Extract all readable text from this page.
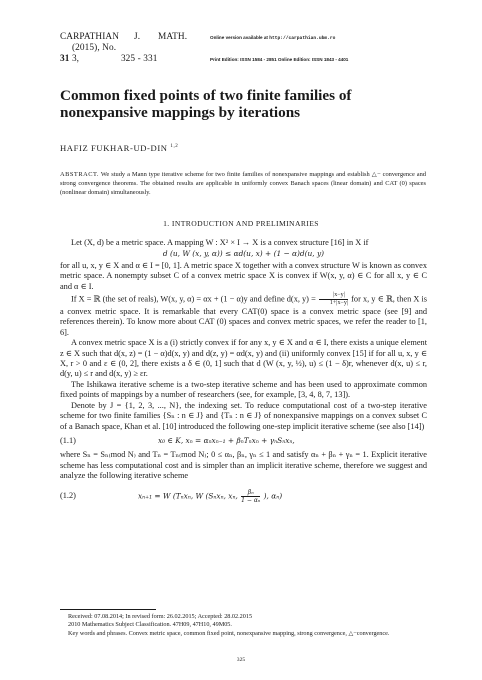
CARPATHIAN J. MATH.	Online version available at http://carpathian.ubm.ro
31 (2015), No. 3,	325 - 331	Print Edition: ISSN 1584 - 2851 Online Edition: ISSN 1843 - 4401
Common fixed points of two finite families of
nonexpansive mappings by iterations
HAFIZ FUKHAR-UD-DIN $^{1,2}$
ABSTRACT. We study a Mann type iterative scheme for two finite families of nonexpansive mappings and establish △− convergence and strong convergence theorems. The obtained results are applicable in uniformly convex Banach spaces (linear domain) and CAT (0) spaces (nonlinear domain) simultaneously.
1. INTRODUCTION AND PRELIMINARIES

Let (X, d) be a metric space. A mapping W : X² × I → X is a convex structure [16] in X if

d (u, W (x, y, α)) ≤ αd(u, x) + (1 − α)d(u, y)

for all u, x, y ∈ X and α ∈ I = [0, 1]. A metric space X together with a convex structure W is known as convex metric space. A nonempty subset C of a convex metric space X is convex if W(x, y, α) ∈ C for all x, y ∈ C and α ∈ I.

If X = ℝ (the set of reals), W(x, y, α) = αx + (1 − α)y and define d(x, $y) = \frac{|x-y|}{1+|x-y|}$ for x, y ∈ ℝ, then X is a convex metric space. It is remarkable that every CAT(0) space is a convex metric space (see [9] and references therein). To know more about CAT (0) spaces and convex metric spaces, we refer the reader to [1, 6].

A convex metric space X is a (i) strictly convex if for any x, y ∈ X and α ∈ I, there exists a unique element z ∈ X such that d(x, z) = (1 − α)d(x, y) and d(z, y) = αd(x, y) and (ii) uniformly convex [15] if for all u, x, y ∈ X, r > 0 and ε ∈ (0, 2], there exists a δ ∈ (0, 1] such that d (W (x, y, ½), u) ≤ (1 − δ)r, whenever d(x, u) ≤ r, d(y, u) ≤ r and d(x, y) ≥ εr.

The Ishikawa iterative scheme is a two-step iterative scheme and has been used to approximate common fixed points of mappings by a number of researchers (see, for example, [3, 4, 8, 7, 13]).

Denote by J = {1, 2, 3, ..., N}, the indexing set. To reduce computational cost of a two-step iterative scheme for two finite families {Sₙ : n ∈ J} and {Tₙ : n ∈ J} of nonexpansive mappings on a convex subset C of a Banach space, Khan et al. [10] introduced the following one-step implicit iterative scheme (see also [14])

(1.1)	x₀ ∈ K, xₙ = αₙxₙ₋₁ + βₙTₙxₙ + γₙSₙxₙ,

where Sₙ = Sₙ₍mod N₎ and Tₙ = Tₙ₍mod N₎; 0 ≤ αₙ, βₙ, γₙ ≤ 1 and satisfy αₙ + βₙ + γₙ = 1. Explicit iterative scheme has less computational cost and is simpler than an implicit iterative scheme, therefore we suggest and analyze the following iterative scheme

(1.2)	xₙ₊₁ = W (Tₙxₙ, W (Sₙxₙ, xₙ, $\frac{\text{βₙ}}{\text{1 − αₙ}}$ ), αₙ)

Received: 07.08.2014; In revised form: 26.02.2015; Accepted: 28.02.2015

2010 Mathematics Subject Classification. 47H09, 47H10, 49M05.

Key words and phrases. Convex metric space, common fixed point, nonexpansive mapping, strong convergence, △−convergence.

325
